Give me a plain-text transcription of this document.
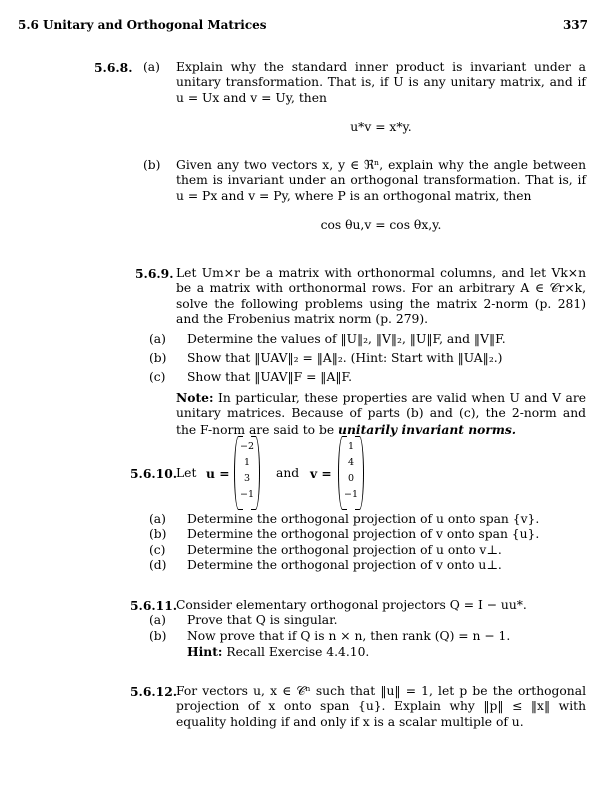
5.6 Unitary and Orthogonal Matrices	337
5.6.8. (a) Explain why the standard inner product is invariant under a unitary transformation. That is, if U is any unitary matrix, and if u = Ux and v = Uy, then
u*v = x*y.
(b) Given any two vectors x, y ∈ ℜⁿ, explain why the angle between them is invariant under an orthogonal transformation. That is, if u = Px and v = Py, where P is an orthogonal matrix, then
cos θu,v = cos θx,y.
5.6.9. Let Um×r be a matrix with orthonormal columns, and let Vk×n be a matrix with orthonormal rows. For an arbitrary A ∈ 𝒞r×k, solve the following problems using the matrix 2-norm (p. 281) and the Frobenius matrix norm (p. 279).
(a) Determine the values of ‖U‖₂, ‖V‖₂, ‖U‖F, and ‖V‖F.
(b) Show that ‖UAV‖₂ = ‖A‖₂. (Hint: Start with ‖UA‖₂.)
(c) Show that ‖UAV‖F = ‖A‖F.
Note: In particular, these properties are valid when U and V are unitary matrices. Because of parts (b) and (c), the 2-norm and the F-norm are said to be unitarily invariant norms.
5.6.10.
Let u =
−2
1
3
−1
and v =
1
4
0
−1
(a) Determine the orthogonal projection of u onto span {v}.
(b) Determine the orthogonal projection of v onto span {u}.
(c) Determine the orthogonal projection of u onto v⊥.
(d) Determine the orthogonal projection of v onto u⊥.
5.6.11.
Consider elementary orthogonal projectors Q = I − uu*.
(a) Prove that Q is singular.
(b) Now prove that if Q is n × n, then rank (Q) = n − 1.
Hint: Recall Exercise 4.4.10.
5.6.12.
For vectors u, x ∈ 𝒞ⁿ such that ‖u‖ = 1, let p be the orthogonal projection of x onto span {u}. Explain why ‖p‖ ≤ ‖x‖ with equality holding if and only if x is a scalar multiple of u.
